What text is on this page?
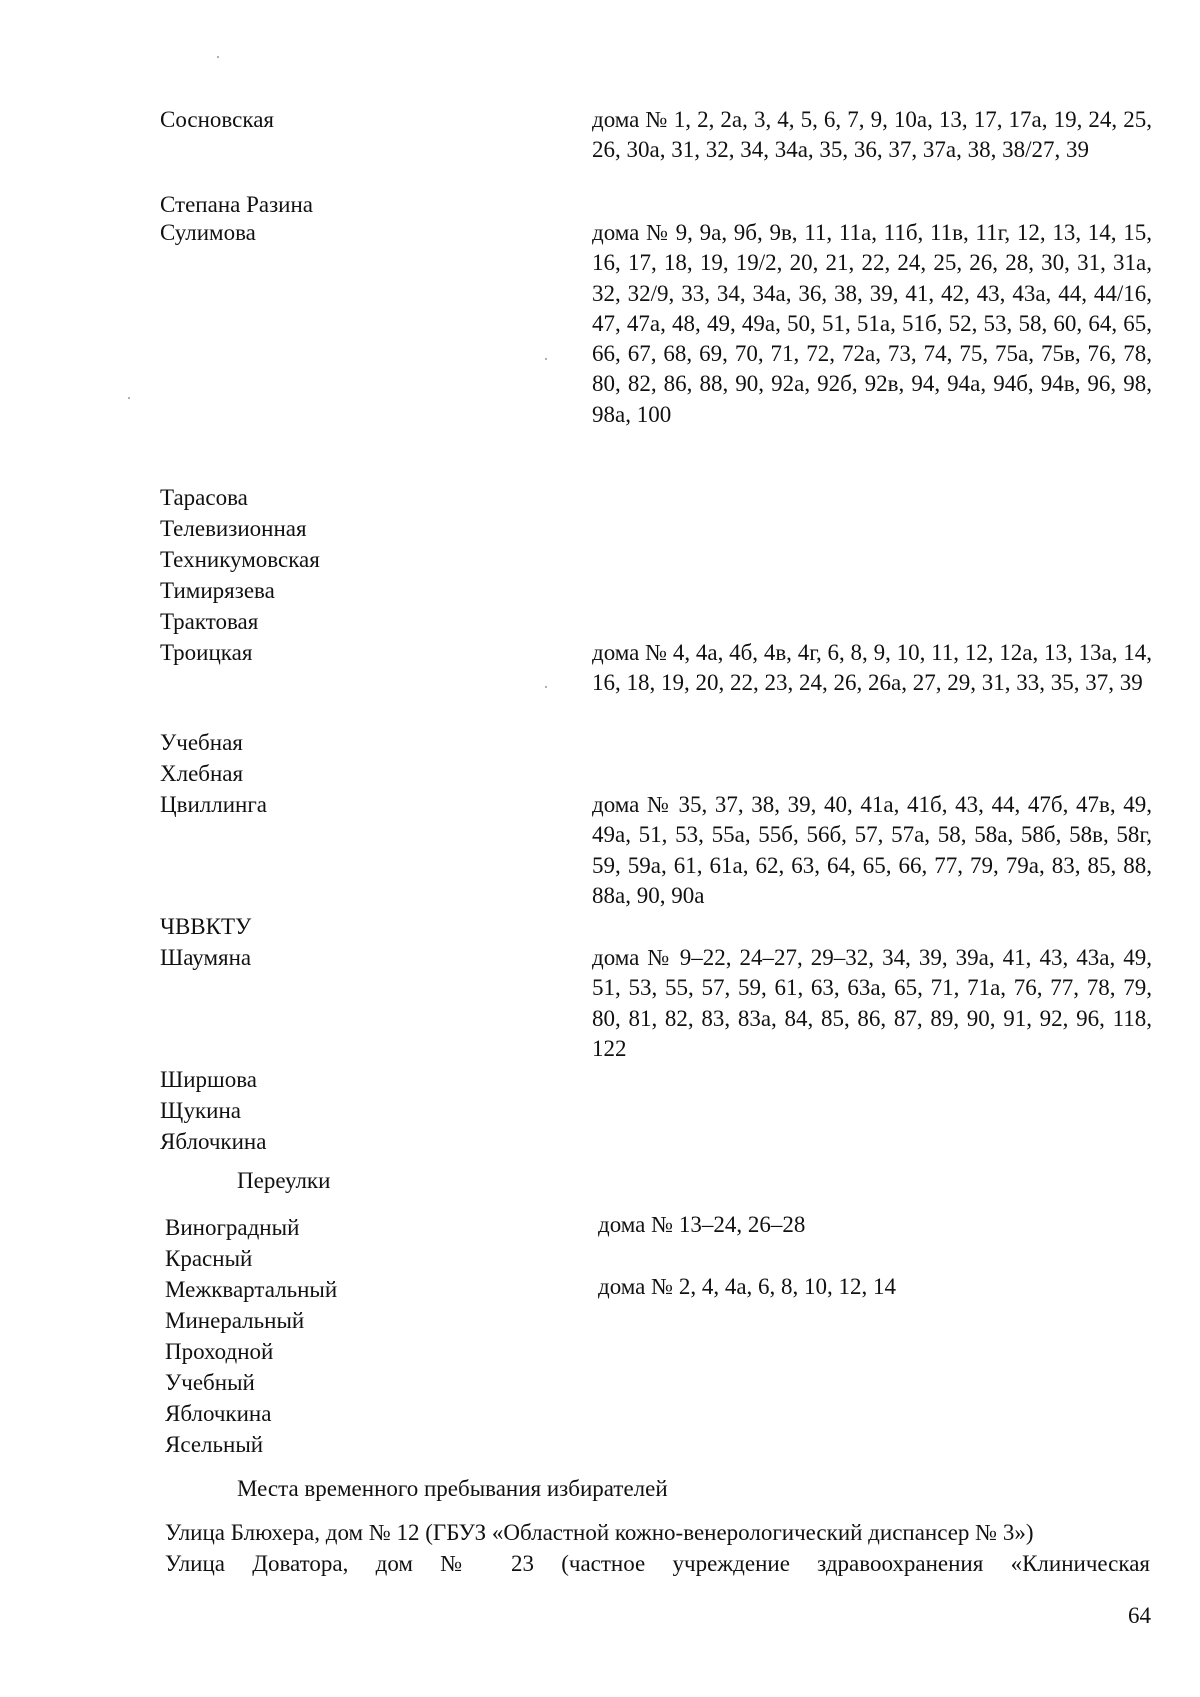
Сосновская	дома № 1, 2, 2а, 3, 4, 5, 6, 7, 9, 10а, 13, 17, 17а, 19, 24, 25, 26, 30а, 31, 32, 34, 34а, 35, 36, 37, 37а, 38, 38/27, 39
Степана Разина
Сулимова	дома № 9, 9а, 9б, 9в, 11, 11а, 11б, 11в, 11г, 12, 13, 14, 15, 16, 17, 18, 19, 19/2, 20, 21, 22, 24, 25, 26, 28, 30, 31, 31а, 32, 32/9, 33, 34, 34а, 36, 38, 39, 41, 42, 43, 43а, 44, 44/16, 47, 47а, 48, 49, 49а, 50, 51, 51а, 51б, 52, 53, 58, 60, 64, 65, 66, 67, 68, 69, 70, 71, 72, 72а, 73, 74, 75, 75а, 75в, 76, 78, 80, 82, 86, 88, 90, 92а, 92б, 92в, 94, 94а, 94б, 94в, 96, 98, 98а, 100
Тарасова
Телевизионная
Техникумовская
Тимирязева
Трактовая
Троицкая	дома № 4, 4а, 4б, 4в, 4г, 6, 8, 9, 10, 11, 12, 12а, 13, 13а, 14, 16, 18, 19, 20, 22, 23, 24, 26, 26а, 27, 29, 31, 33, 35, 37, 39
Учебная
Хлебная
Цвиллинга	дома № 35, 37, 38, 39, 40, 41а, 41б, 43, 44, 47б, 47в, 49, 49а, 51, 53, 55а, 55б, 56б, 57, 57а, 58, 58а, 58б, 58в, 58г, 59, 59а, 61, 61а, 62, 63, 64, 65, 66, 77, 79, 79а, 83, 85, 88, 88а, 90, 90а
ЧВВКТУ
Шаумяна	дома № 9–22, 24–27, 29–32, 34, 39, 39а, 41, 43, 43а, 49, 51, 53, 55, 57, 59, 61, 63, 63а, 65, 71, 71а, 76, 77, 78, 79, 80, 81, 82, 83, 83а, 84, 85, 86, 87, 89, 90, 91, 92, 96, 118, 122
Ширшова
Щукина
Яблочкина
Переулки
Виноградный	дома № 13–24, 26–28
Красный
Межквартальный	дома № 2, 4, 4а, 6, 8, 10, 12, 14
Минеральный
Проходной
Учебный
Яблочкина
Ясельный
Места временного пребывания избирателей
Улица Блюхера, дом № 12 (ГБУЗ «Областной кожно-венерологический диспансер № 3»)
Улица Доватора, дом № 23 (частное учреждение здравоохранения «Клиническая
64
